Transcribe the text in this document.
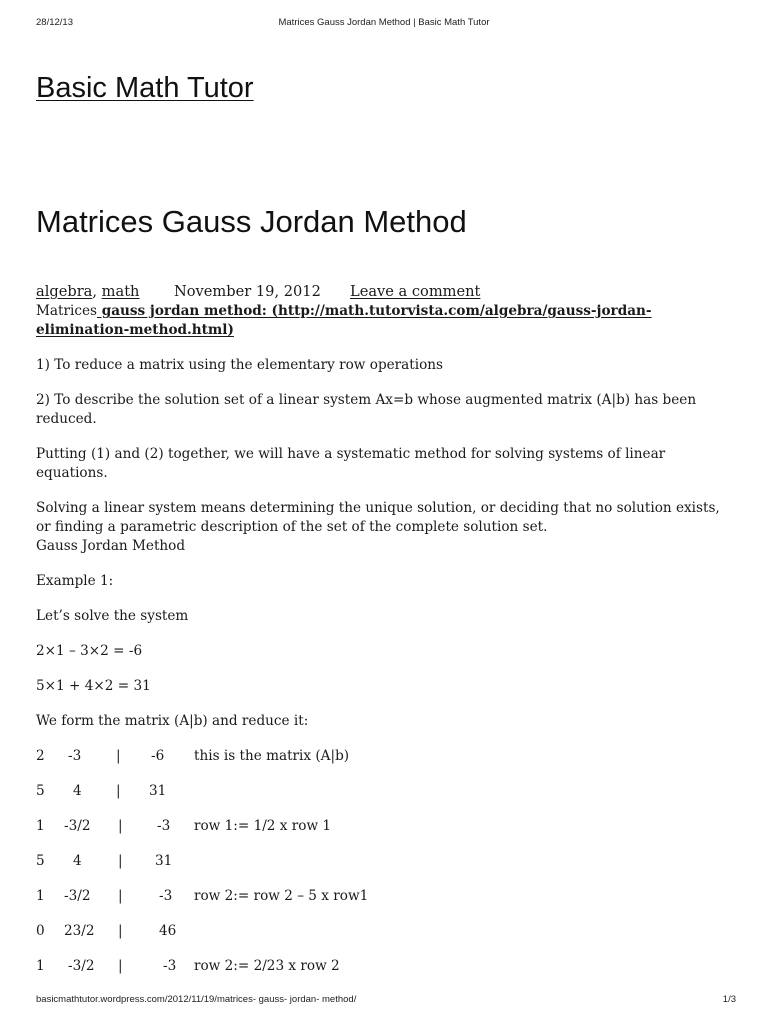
28/12/13	Matrices Gauss Jordan Method | Basic Math Tutor
Basic Math Tutor
Matrices Gauss Jordan Method
algebra, math November 19, 2012 Leave a comment

Matrices gauss jordan method: (http://math.tutorvista.com/algebra/gauss-jordan-
elimination-method.html)

1) To reduce a matrix using the elementary row operations

2) To describe the solution set of a linear system Ax=b whose augmented matrix (A|b) has been reduced.

Putting (1) and (2) together, we will have a systematic method for solving systems of linear equations.

Solving a linear system means determining the unique solution, or deciding that no solution exists, or finding a parametric description of the set of the complete solution set.

Gauss Jordan Method

Example 1:

Let’s solve the system

2×1 – 3×2 = -6

5×1 + 4×2 = 31

We form the matrix (A|b) and reduce it:

2 -3	| -6 this is the matrix (A|b)
5 4	| 31
1 -3/2 |	-3 row 1:= 1/2 x row 1
5 4	| 31
1 -3/2 |	-3 row 2:= row 2 – 5 x row1
0 23/2 |	46
1 -3/2 |	-3 row 2:= 2/23 x row 2
basicmathtutor.wordpress.com/2012/11/19/matrices- gauss- jordan- method/	1/3
